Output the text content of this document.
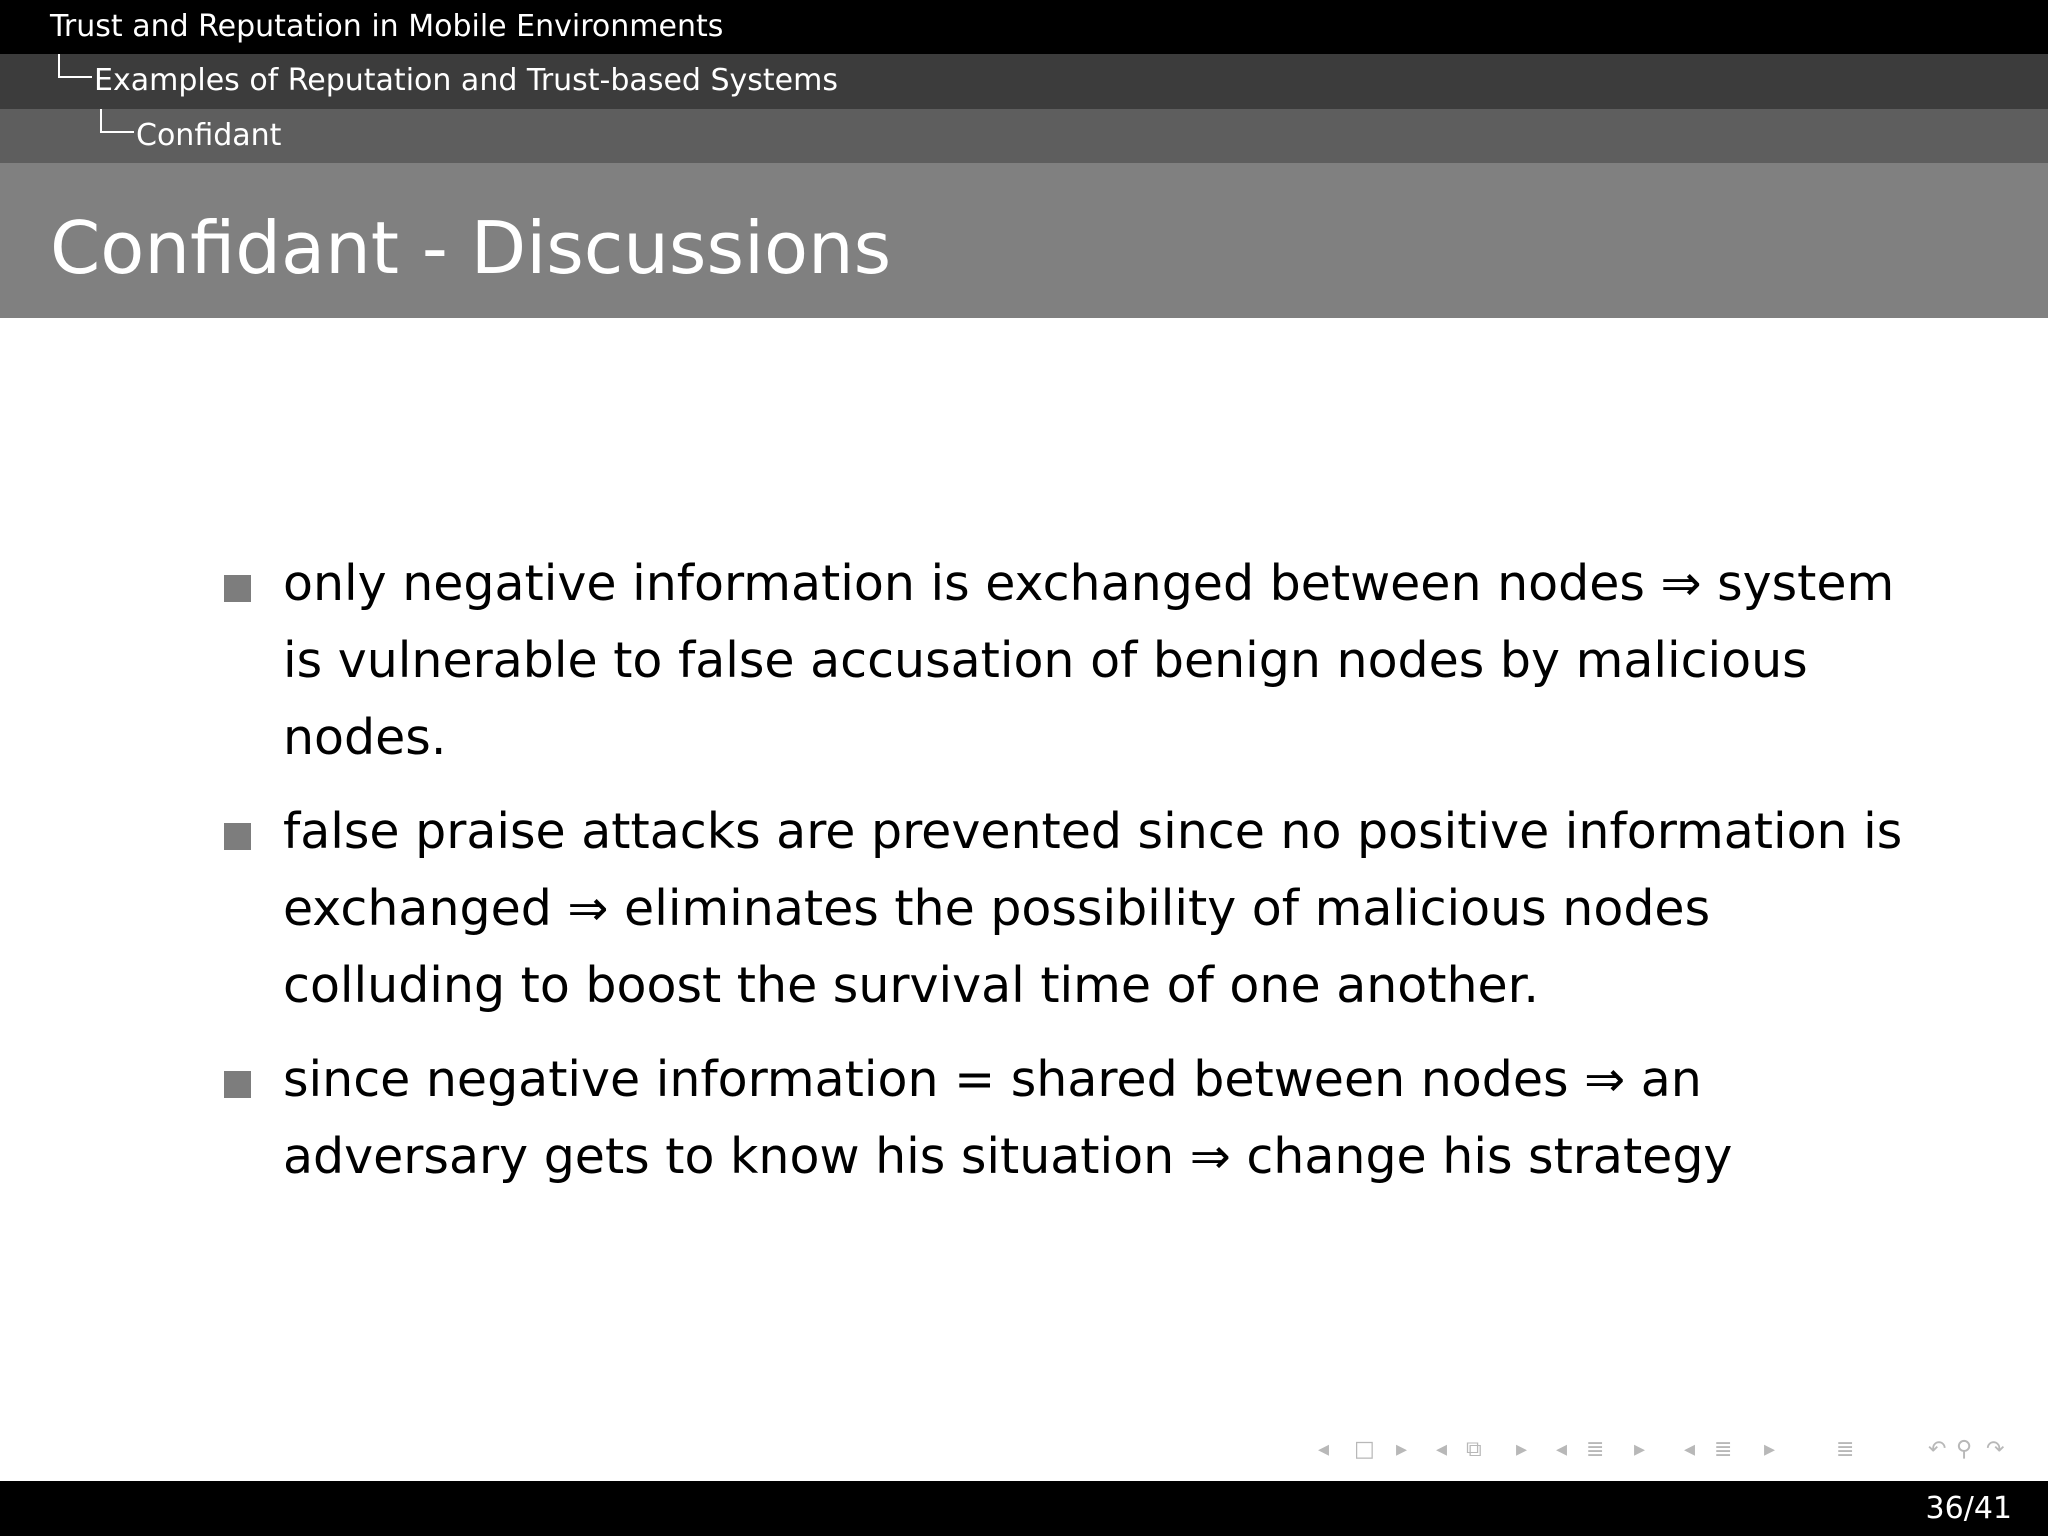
Trust and Reputation in Mobile Environments
Examples of Reputation and Trust-based Systems
Confidant
Confidant - Discussions
only negative information is exchanged between nodes ⇒ system is vulnerable to false accusation of benign nodes by malicious nodes.
false praise attacks are prevented since no positive information is exchanged ⇒ eliminates the possibility of malicious nodes colluding to boost the survival time of one another.
since negative information = shared between nodes ⇒ an adversary gets to know his situation ⇒ change his strategy
◂ □ ▸ ◂ ⧉ ▸ ◂ ≣ ▸ ◂ ≣ ▸	≣	↶ ⚲ ↷
36/41
